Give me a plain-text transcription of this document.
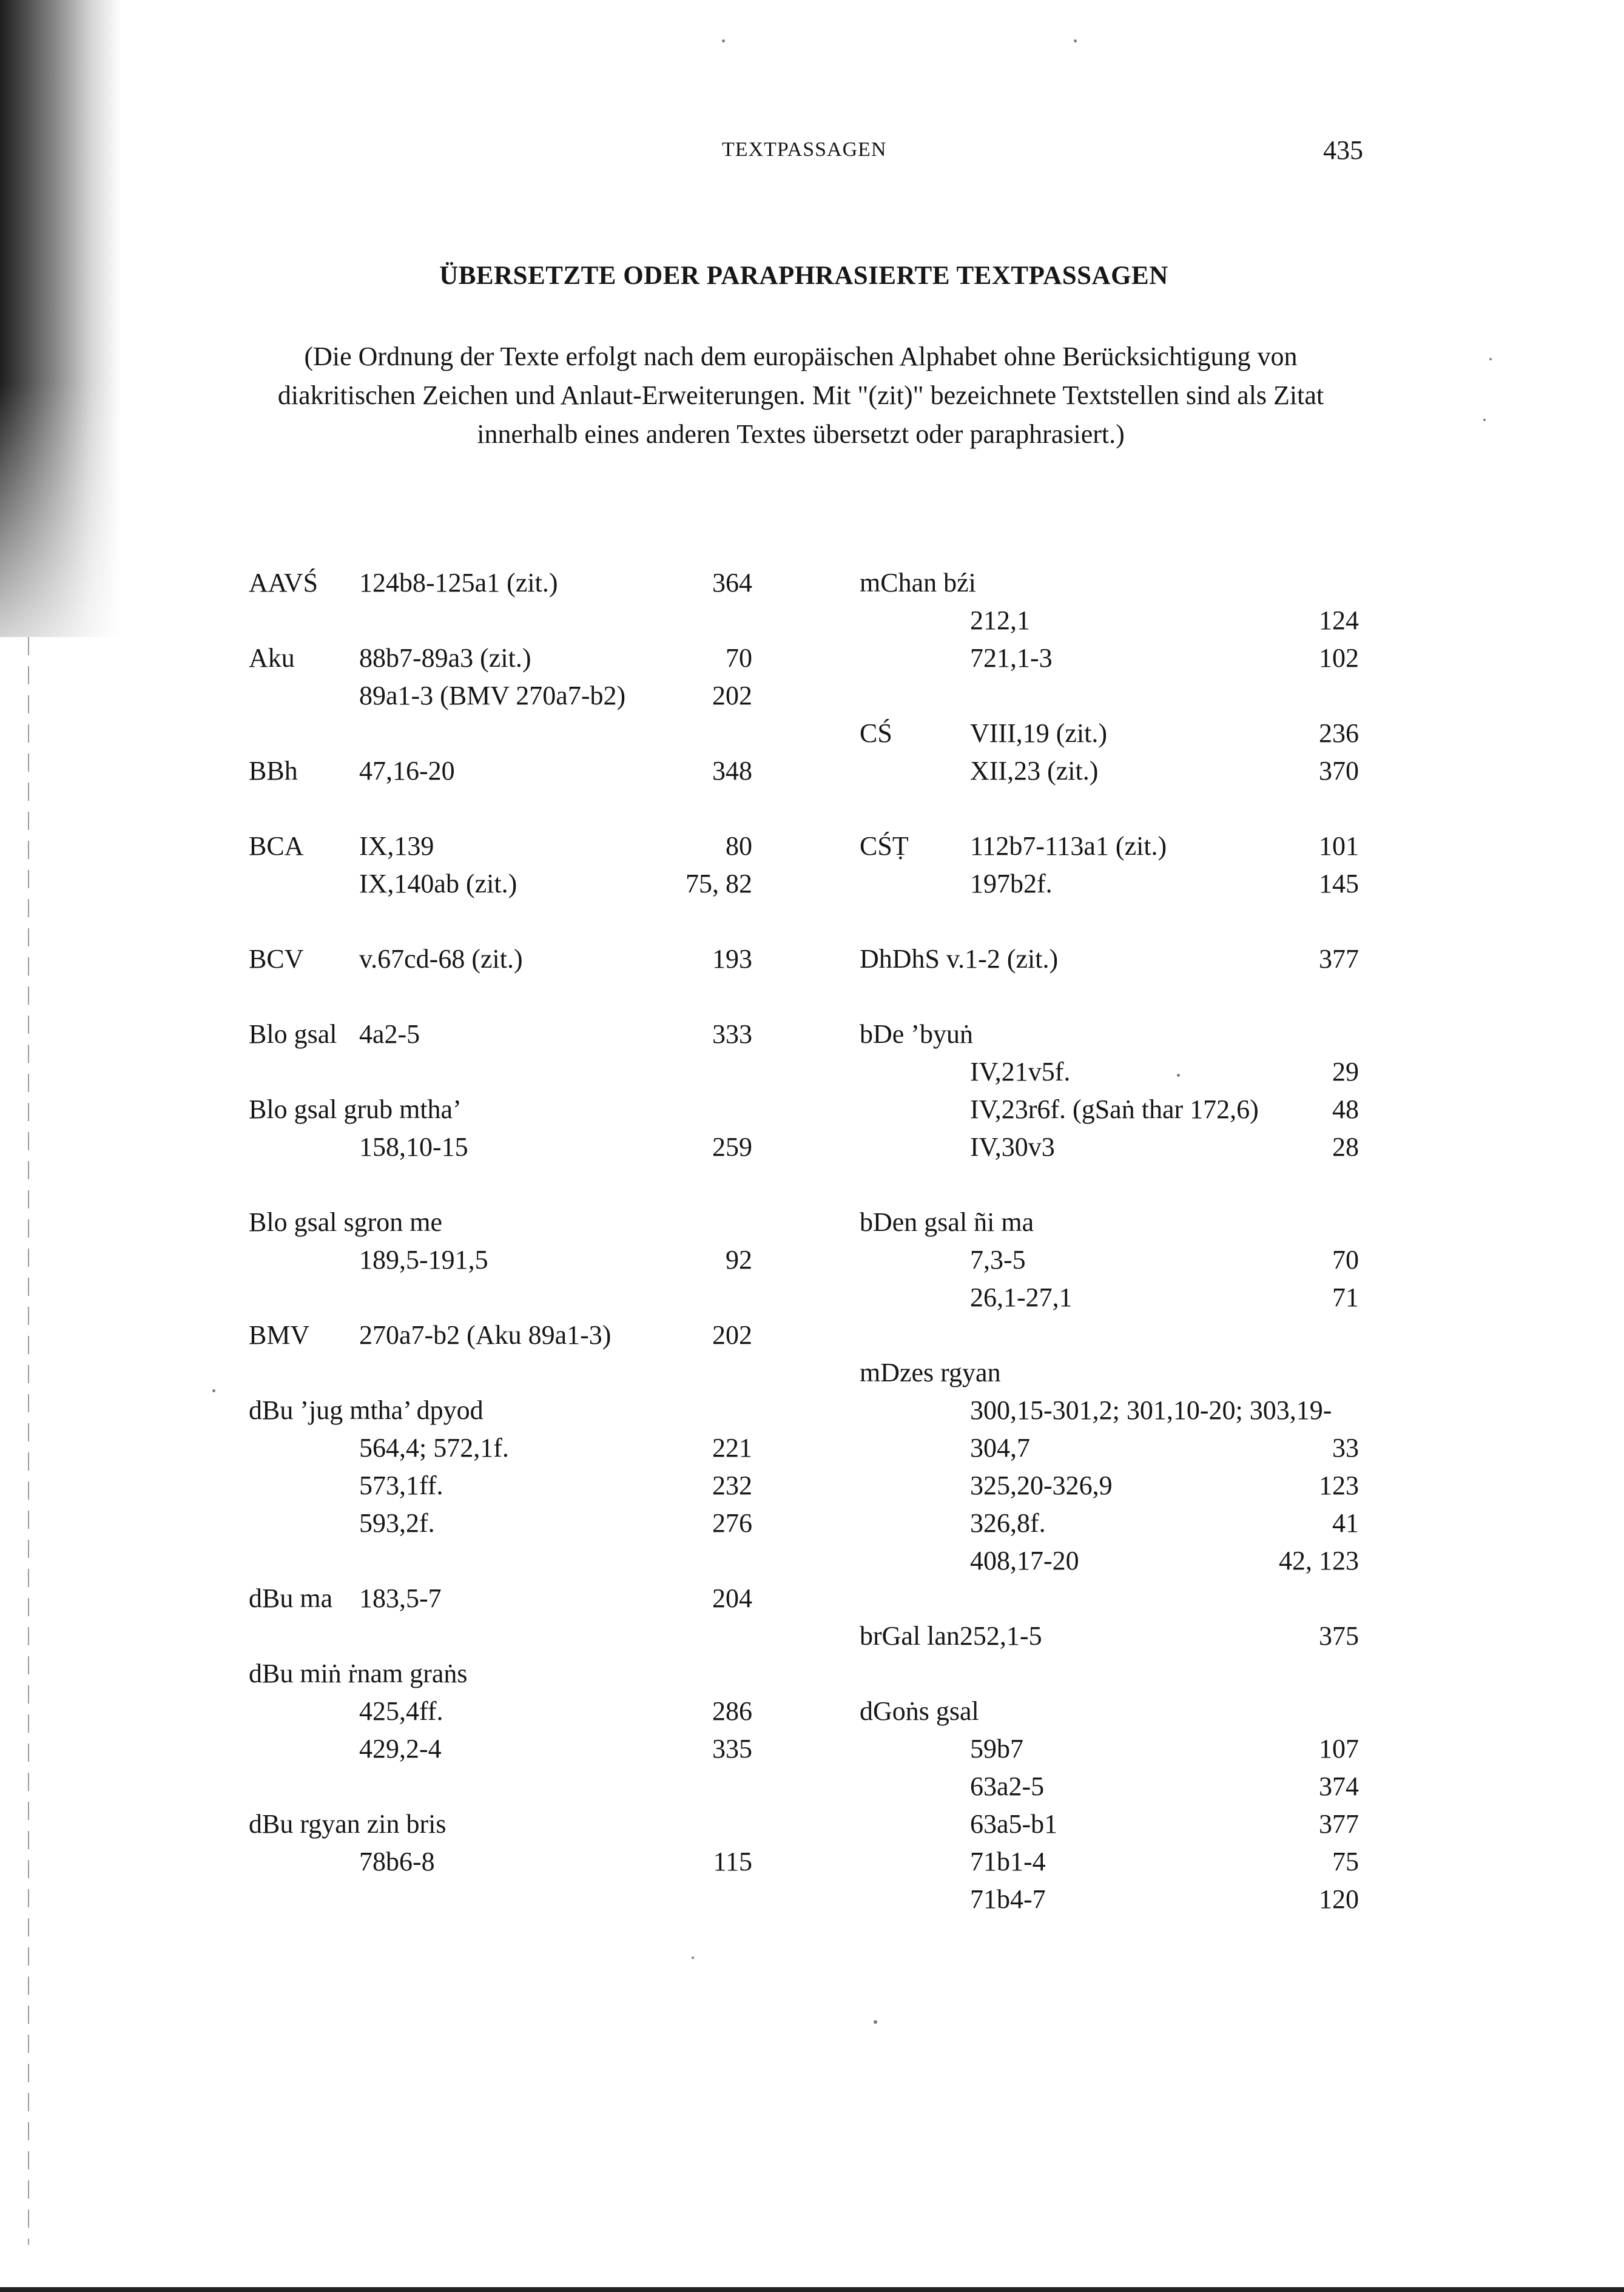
TEXTPASSAGEN	435
ÜBERSETZTE ODER PARAPHRASIERTE TEXTPASSAGEN
(Die Ordnung der Texte erfolgt nach dem europäischen Alphabet ohne Berücksichtigung von
diakritischen Zeichen und Anlaut-Erweiterungen. Mit "(zit)" bezeichnete Textstellen sind als Zitat
innerhalb eines anderen Textes übersetzt oder paraphrasiert.)
AAVŚ 124b8-125a1 (zit.)	364
Aku 88b7-89a3 (zit.)	70
89a1-3 (BMV 270a7-b2)	202
BBh 47,16-20	348
BCA IX,139	80
IX,140ab (zit.)	75, 82
BCV v.67cd-68 (zit.)	193
Blo gsal 4a2-5	333
Blo gsal grub mtha’
158,10-15	259
Blo gsal sgron me
189,5-191,5	92
BMV 270a7-b2 (Aku 89a1-3)	202
dBu ’jug mtha’ dpyod
564,4; 572,1f.	221
573,1ff.	232
593,2f.	276
dBu ma 183,5-7	204
dBu miṅ ṙnam graṅs
425,4ff.	286
429,2-4	335
dBu rgyan zin bris
78b6-8	115
mChan bźi
212,1	124
721,1-3	102
CŚ	VIII,19 (zit.)	236
XII,23 (zit.)	370
CŚṬ 112b7-113a1 (zit.)	101
197b2f.	145
DhDhS v.1-2 (zit.)	377
bDe ’byuṅ
IV,21v5f.	29
IV,23r6f. (gSaṅ thar 172,6)	48
IV,30v3	28
bDen gsal ñi ma
7,3-5	70
26,1-27,1	71
mDzes rgyan
300,15-301,2; 301,10-20; 303,19-
304,7	33
325,20-326,9	123
326,8f.	41
408,17-20	42, 123
brGal lan252,1-5	375
dGoṅs gsal
59b7	107
63a2-5	374
63a5-b1	377
71b1-4	75
71b4-7	120
